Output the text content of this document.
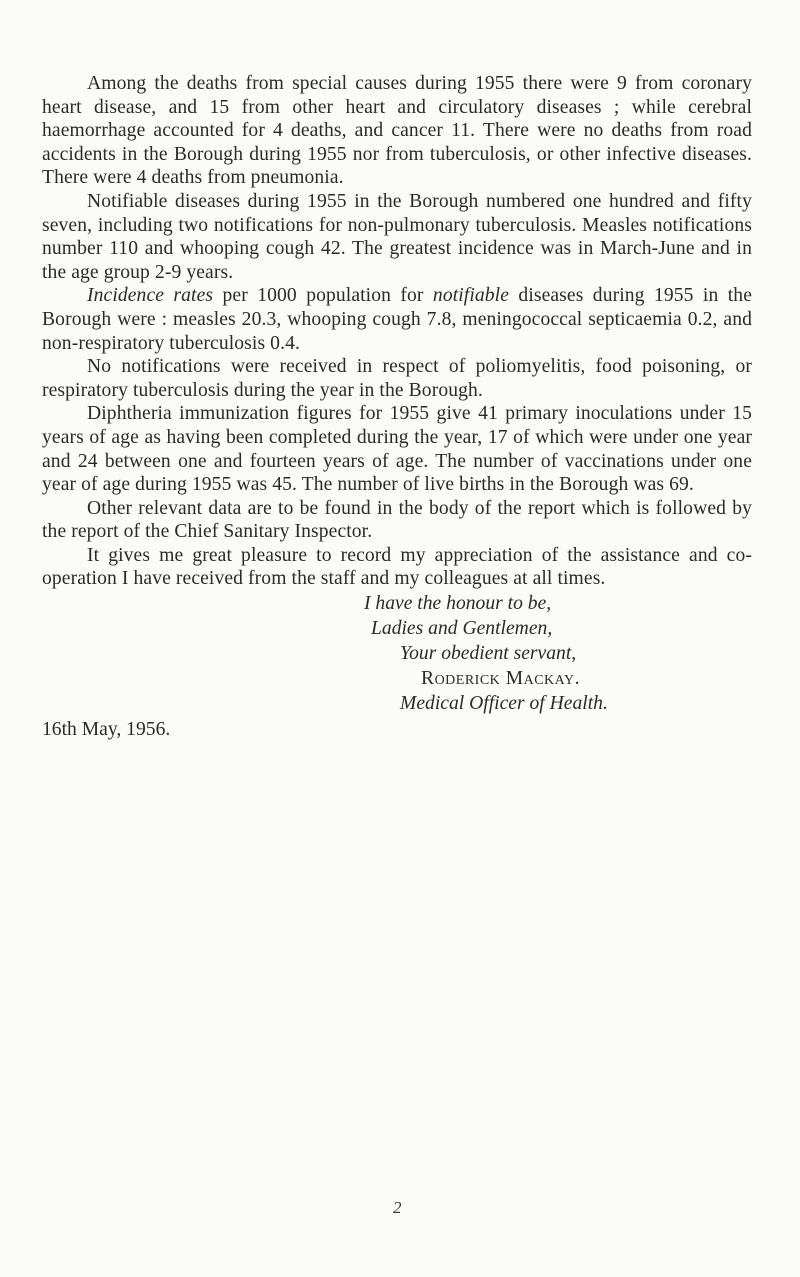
Among the deaths from special causes during 1955 there were 9 from coronary heart disease, and 15 from other heart and circulatory diseases ; while cerebral haemorrhage accounted for 4 deaths, and cancer 11. There were no deaths from road accidents in the Borough during 1955 nor from tuberculosis, or other infective diseases. There were 4 deaths from pneumonia.

Notifiable diseases during 1955 in the Borough numbered one hundred and fifty seven, including two notifications for non-pulmonary tuberculosis. Measles notifications number 110 and whooping cough 42. The greatest incidence was in March-June and in the age group 2-9 years.

Incidence rates per 1000 population for notifiable diseases during 1955 in the Borough were : measles 20.3, whooping cough 7.8, meningococcal septicaemia 0.2, and non-respiratory tuberculosis 0.4.

No notifications were received in respect of poliomyelitis, food poisoning, or respiratory tuberculosis during the year in the Borough.

Diphtheria immunization figures for 1955 give 41 primary inoculations under 15 years of age as having been completed during the year, 17 of which were under one year and 24 between one and fourteen years of age. The number of vaccinations under one year of age during 1955 was 45. The number of live births in the Borough was 69.

Other relevant data are to be found in the body of the report which is followed by the report of the Chief Sanitary Inspector.

It gives me great pleasure to record my appreciation of the assistance and co-operation I have received from the staff and my colleagues at all times.

I have the honour to be,
Ladies and Gentlemen,
Your obedient servant,
Roderick Mackay.
Medical Officer of Health.
16th May, 1956.
2
